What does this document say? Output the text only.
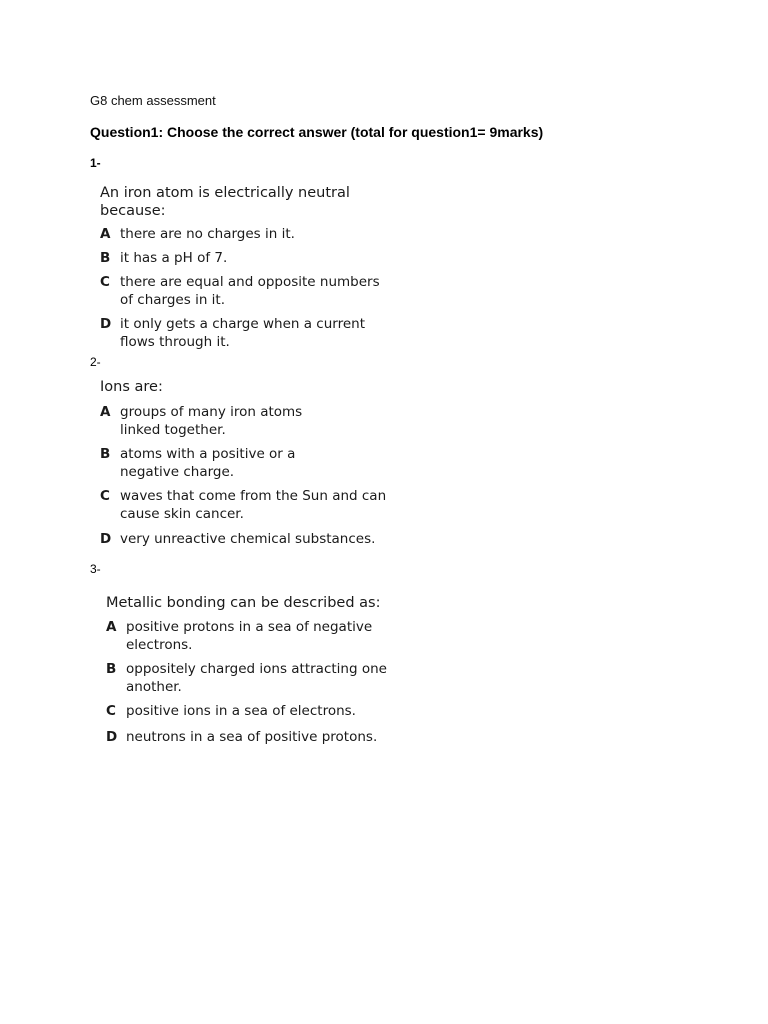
G8 chem assessment
Question1: Choose the correct answer (total for question1= 9marks)
1-

An iron atom is electrically neutral because:

A there are no charges in it.
B it has a pH of 7.
C there are equal and opposite numbers
of charges in it.
D it only gets a charge when a current
flows through it.
2-

Ions are:

A groups of many iron atoms
linked together.
B atoms with a positive or a
negative charge.
C waves that come from the Sun and can
cause skin cancer.
D very unreactive chemical substances.
3-

Metallic bonding can be described as:

A positive protons in a sea of negative
electrons.
B oppositely charged ions attracting one
another.
C positive ions in a sea of electrons.
D neutrons in a sea of positive protons.
